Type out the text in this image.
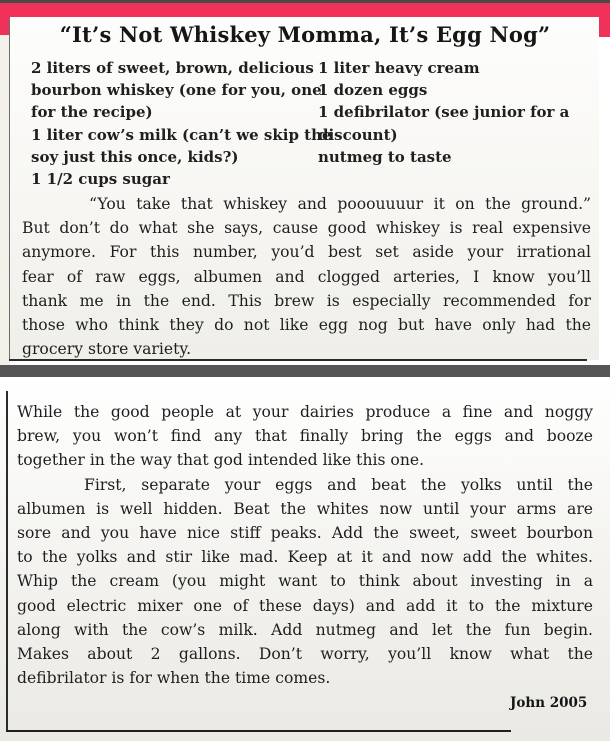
“It’s Not Whiskey Momma, It’s Egg Nog”
2 liters of sweet, brown, delicious
bourbon whiskey (one for you, one
for the recipe)
1 liter cow’s milk (can’t we skip the
soy just this once, kids?)
1 1/2 cups sugar
1 liter heavy cream
1 dozen eggs
1 defibrilator (see junior for a
discount)
nutmeg to taste
“You take that whiskey and pooouuuur it on the ground.”
But don’t do what she says, cause good whiskey is real expensive
anymore. For this number, you’d best set aside your irrational
fear of raw eggs, albumen and clogged arteries, I know you’ll
thank me in the end. This brew is especially recommended for
those who think they do not like egg nog but have only had the
grocery store variety.
While the good people at your dairies produce a fine and noggy
brew, you won’t find any that finally bring the eggs and booze
together in the way that god intended like this one.
First, separate your eggs and beat the yolks until the
albumen is well hidden. Beat the whites now until your arms are
sore and you have nice stiff peaks. Add the sweet, sweet bourbon
to the yolks and stir like mad. Keep at it and now add the whites.
Whip the cream (you might want to think about investing in a
good electric mixer one of these days) and add it to the mixture
along with the cow’s milk. Add nutmeg and let the fun begin.
Makes about 2 gallons. Don’t worry, you’ll know what the
defibrilator is for when the time comes.
John 2005
